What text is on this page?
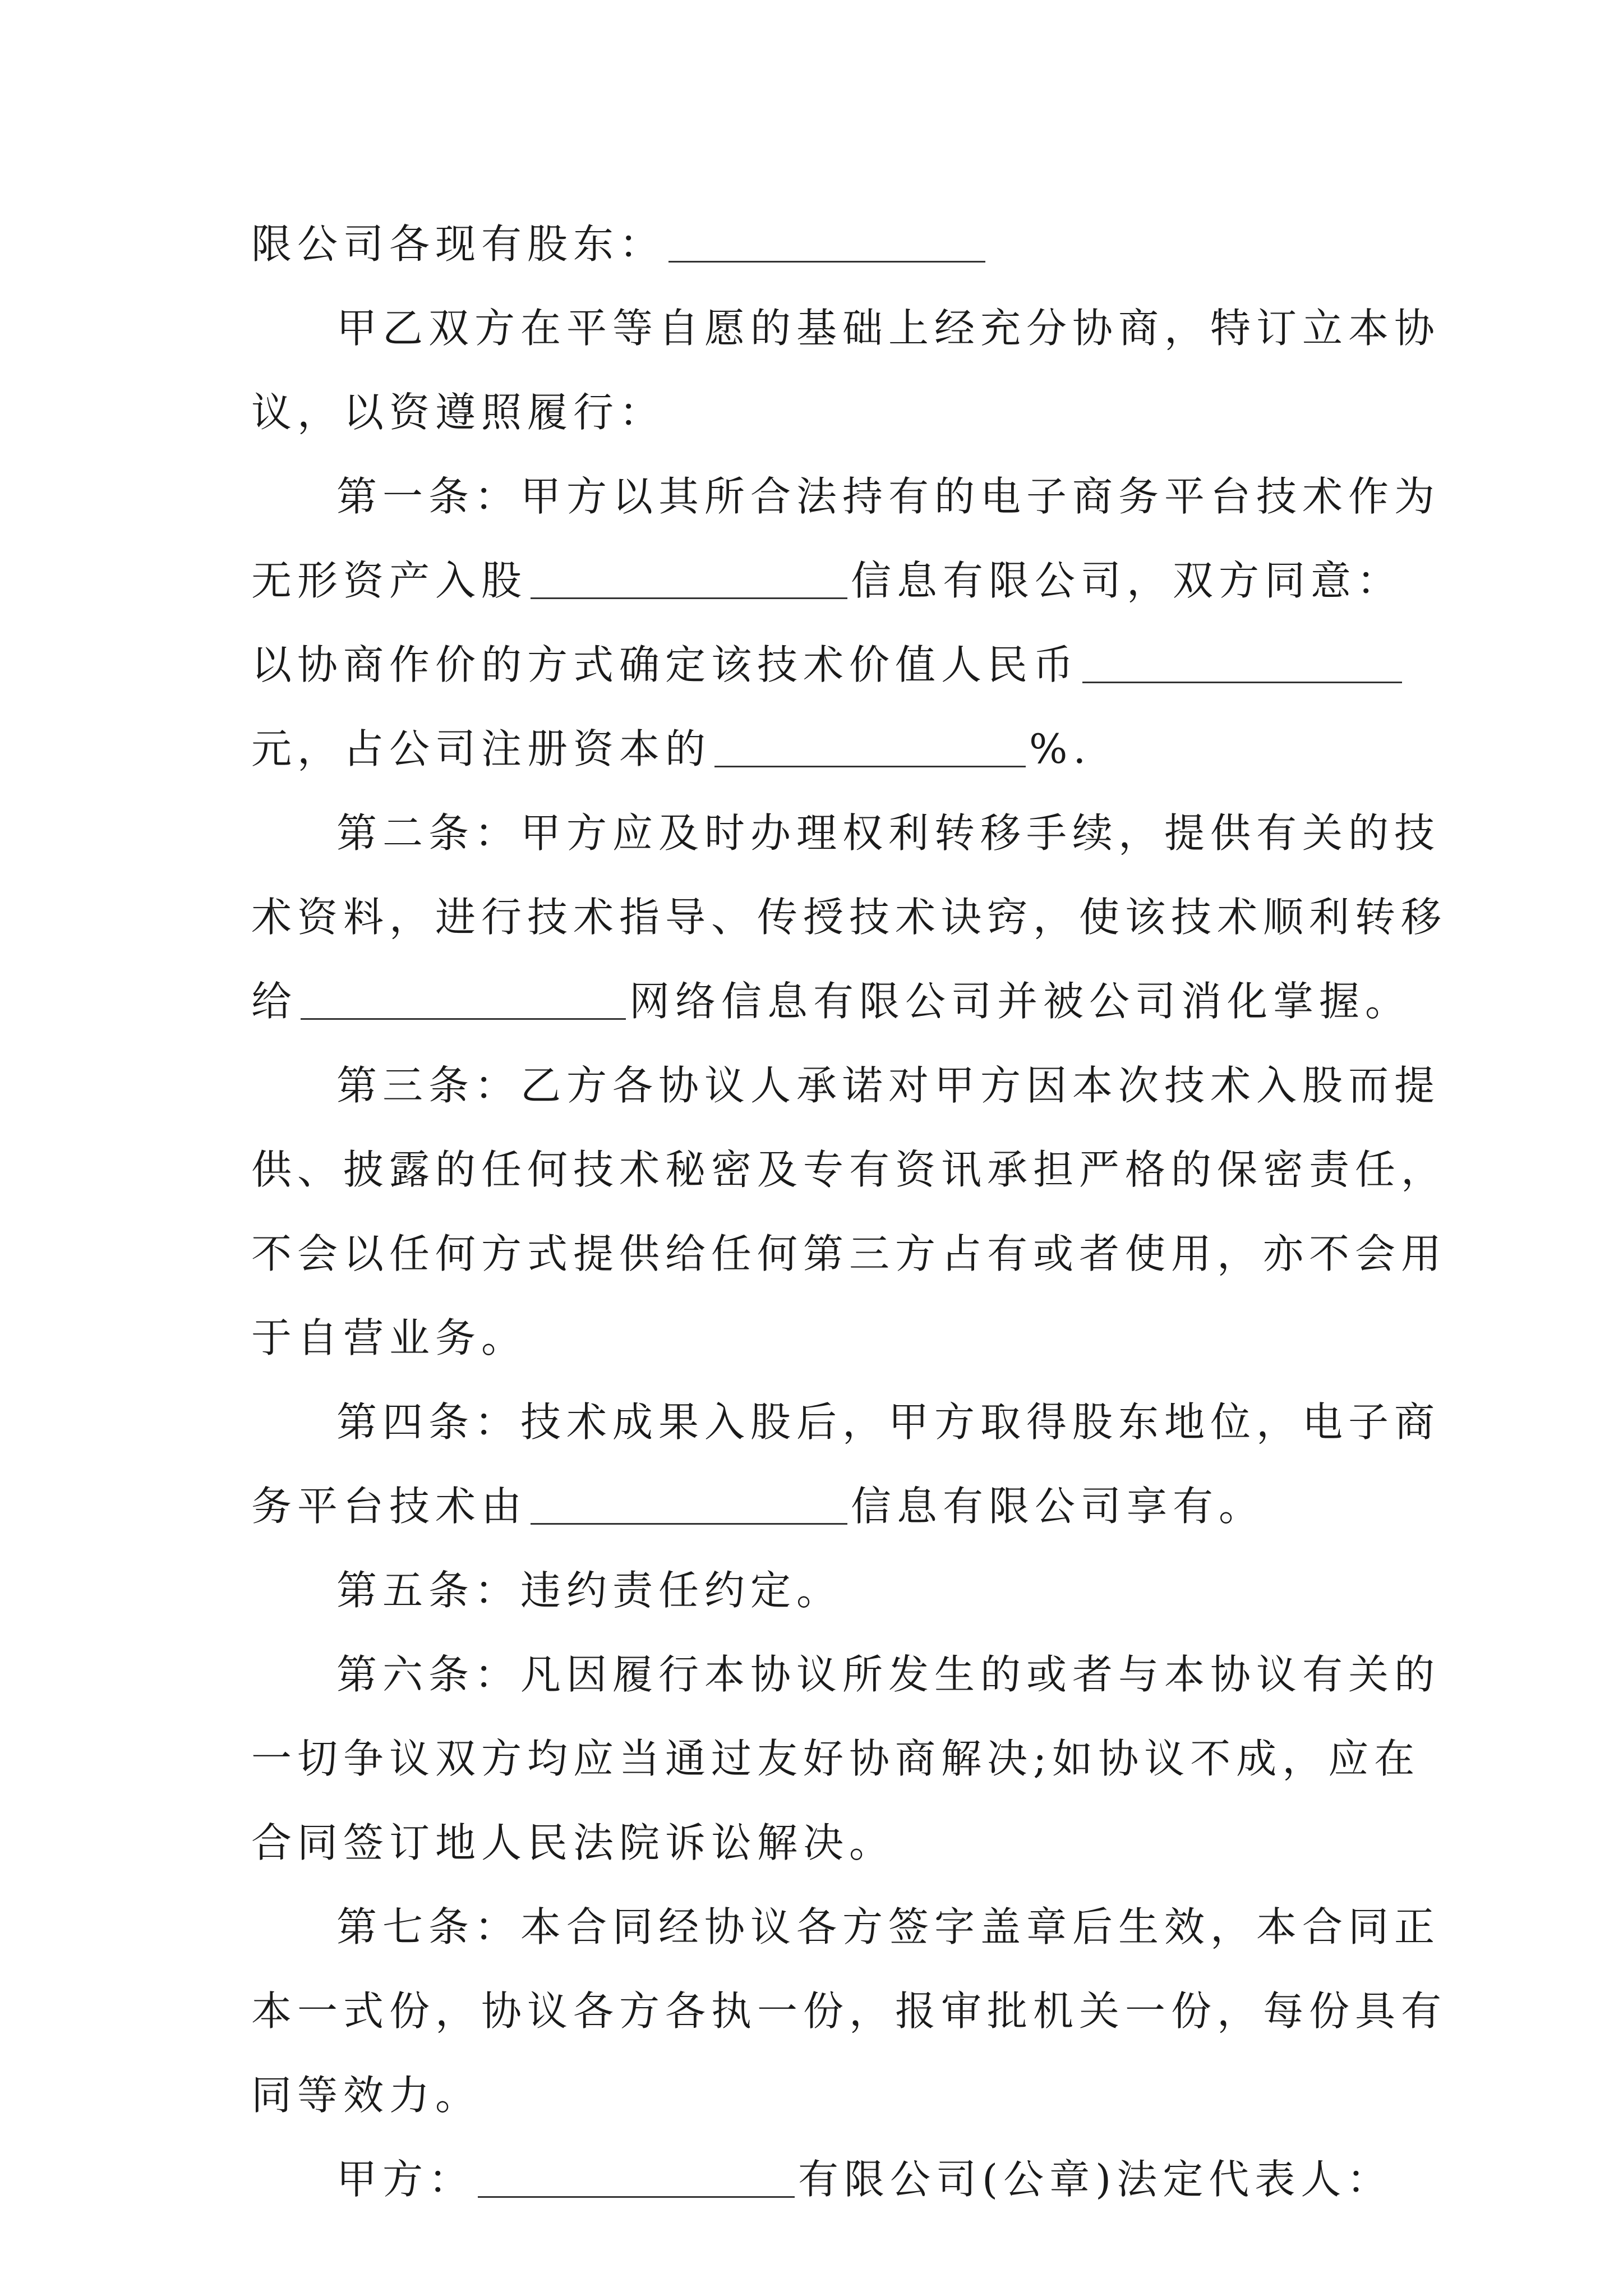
限公司各现有股东：
甲乙双方在平等自愿的基础上经充分协商，特订立本协
议，以资遵照履行：
第一条：甲方以其所合法持有的电子商务平台技术作为
无形资产入股	信息有限公司，双方同意：
以协商作价的方式确定该技术价值人民币
元，占公司注册资本的	%.
第二条：甲方应及时办理权利转移手续，提供有关的技
术资料，进行技术指导、传授技术诀窍，使该技术顺利转移
给	网络信息有限公司并被公司消化掌握。
第三条：乙方各协议人承诺对甲方因本次技术入股而提
供、披露的任何技术秘密及专有资讯承担严格的保密责任，
不会以任何方式提供给任何第三方占有或者使用，亦不会用
于自营业务。
第四条：技术成果入股后，甲方取得股东地位，电子商
务平台技术由	信息有限公司享有。
第五条：违约责任约定。
第六条：凡因履行本协议所发生的或者与本协议有关的
一切争议双方均应当通过友好协商解决;如协议不成，应在
合同签订地人民法院诉讼解决。
第七条：本合同经协议各方签字盖章后生效，本合同正
本一式份，协议各方各执一份，报审批机关一份，每份具有
同等效力。
甲方：	有限公司(公章)法定代表人：
